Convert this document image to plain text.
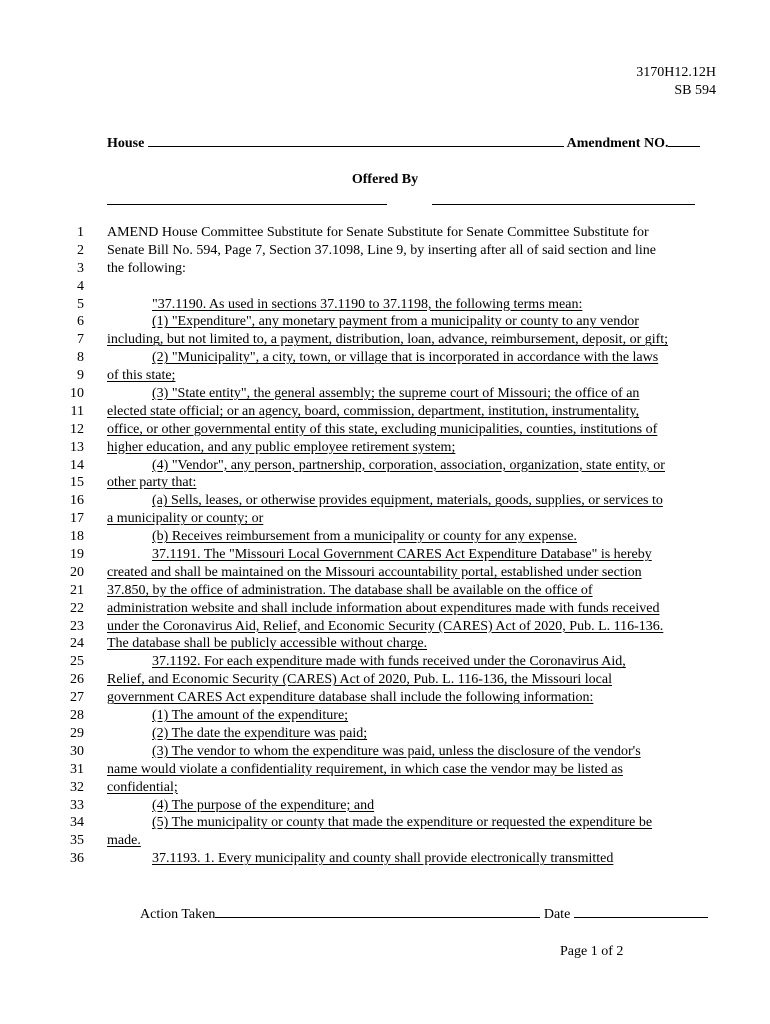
3170H12.12H
SB 594
House	Amendment NO.
Offered By
1 AMEND House Committee Substitute for Senate Substitute for Senate Committee Substitute for
2 Senate Bill No. 594, Page 7, Section 37.1098, Line 9, by inserting after all of said section and line
3 the following:
4
5	"37.1190. As used in sections 37.1190 to 37.1198, the following terms mean:
6	(1) "Expenditure", any monetary payment from a municipality or county to any vendor
7 including, but not limited to, a payment, distribution, loan, advance, reimbursement, deposit, or gift;
8	(2) "Municipality", a city, town, or village that is incorporated in accordance with the laws
9 of this state;
10	(3) "State entity", the general assembly; the supreme court of Missouri; the office of an
11 elected state official; or an agency, board, commission, department, institution, instrumentality,
12 office, or other governmental entity of this state, excluding municipalities, counties, institutions of
13 higher education, and any public employee retirement system;
14	(4) "Vendor", any person, partnership, corporation, association, organization, state entity, or
15 other party that:
16	(a) Sells, leases, or otherwise provides equipment, materials, goods, supplies, or services to
17 a municipality or county; or
18	(b) Receives reimbursement from a municipality or county for any expense.
19	37.1191. The "Missouri Local Government CARES Act Expenditure Database" is hereby
20 created and shall be maintained on the Missouri accountability portal, established under section
21 37.850, by the office of administration. The database shall be available on the office of
22 administration website and shall include information about expenditures made with funds received
23 under the Coronavirus Aid, Relief, and Economic Security (CARES) Act of 2020, Pub. L. 116-136.
24 The database shall be publicly accessible without charge.
25	37.1192. For each expenditure made with funds received under the Coronavirus Aid,
26 Relief, and Economic Security (CARES) Act of 2020, Pub. L. 116-136, the Missouri local
27 government CARES Act expenditure database shall include the following information:
28	(1) The amount of the expenditure;
29	(2) The date the expenditure was paid;
30	(3) The vendor to whom the expenditure was paid, unless the disclosure of the vendor's
31 name would violate a confidentiality requirement, in which case the vendor may be listed as
32 confidential;
33	(4) The purpose of the expenditure; and
34	(5) The municipality or county that made the expenditure or requested the expenditure be
35 made.
36	37.1193. 1. Every municipality and county shall provide electronically transmitted
Action Taken	Date
Page 1 of 2
